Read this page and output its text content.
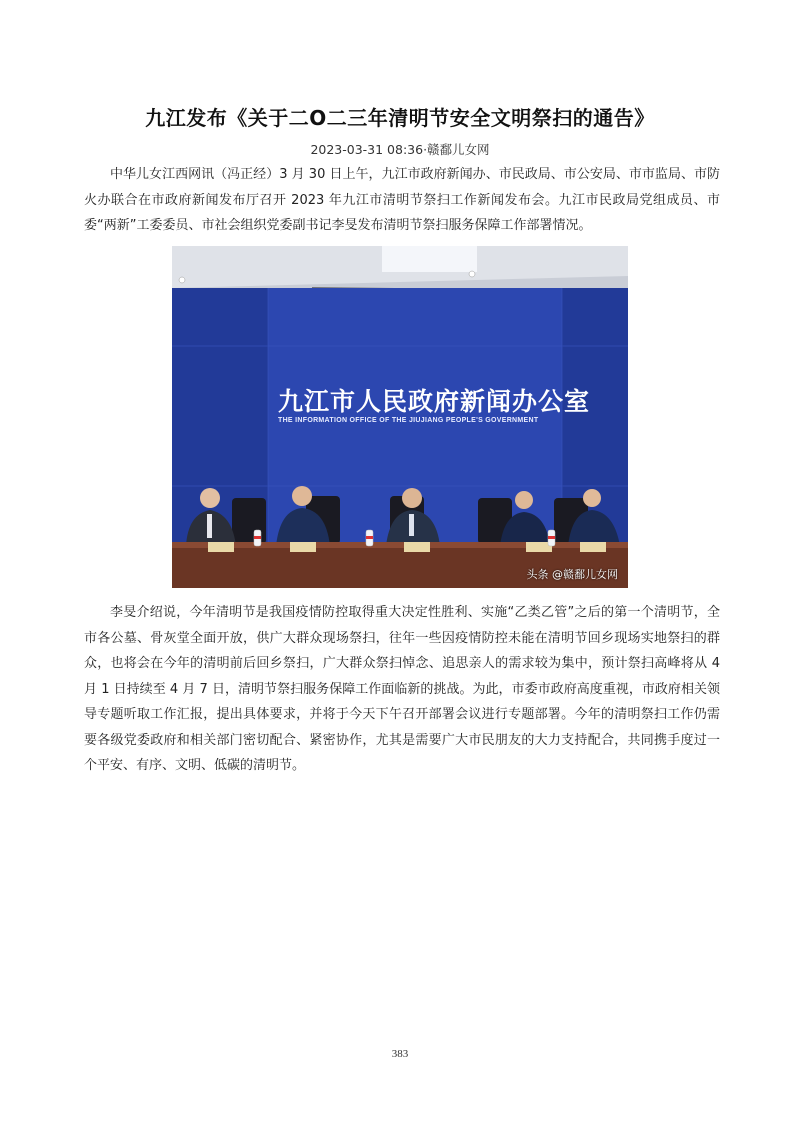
九江发布《关于二O二三年清明节安全文明祭扫的通告》
2023-03-31 08:36·赣鄱儿女网

中华儿女江西网讯（冯正经）3 月 30 日上午，九江市政府新闻办、市民政局、市公安局、市市监局、市防火办联合在市政府新闻发布厅召开 2023 年九江市清明节祭扫工作新闻发布会。九江市民政局党组成员、市委“两新”工委委员、市社会组织党委副书记李旻发布清明节祭扫服务保障工作部署情况。

九江市人民政府新闻办公室
THE INFORMATION OFFICE OF THE JIUJIANG PEOPLE'S GOVERNMENT
头条 @赣鄱儿女网

李旻介绍说，今年清明节是我国疫情防控取得重大决定性胜利、实施“乙类乙管”之后的第一个清明节，全市各公墓、骨灰堂全面开放，供广大群众现场祭扫，往年一些因疫情防控未能在清明节回乡现场实地祭扫的群众，也将会在今年的清明前后回乡祭扫，广大群众祭扫悼念、追思亲人的需求较为集中，预计祭扫高峰将从 4 月 1 日持续至 4 月 7 日，清明节祭扫服务保障工作面临新的挑战。为此，市委市政府高度重视，市政府相关领导专题听取工作汇报，提出具体要求，并将于今天下午召开部署会议进行专题部署。今年的清明祭扫工作仍需要各级党委政府和相关部门密切配合、紧密协作，尤其是需要广大市民朋友的大力支持配合，共同携手度过一个平安、有序、文明、低碳的清明节。

383
